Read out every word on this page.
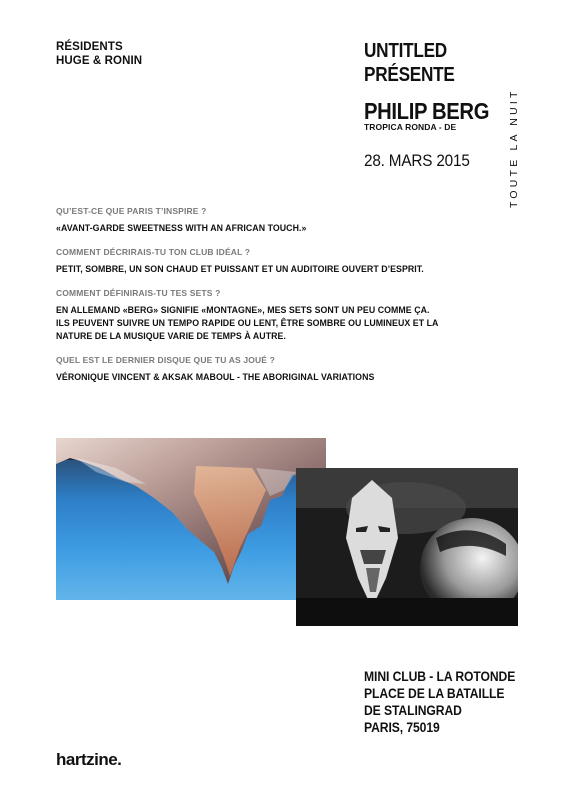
RÉSIDENTS
HUGE & RONIN	UNTITLED
PRÉSENTE
PHILIP BERG
TROPICA RONDA - DE
28. MARS 2015	TOUTE LA NUIT
QU’EST-CE QUE PARIS T’INSPIRE ?
«AVANT-GARDE SWEETNESS WITH AN AFRICAN TOUCH.»
COMMENT DÉCRIRAIS-TU TON CLUB IDÉAL ?
PETIT, SOMBRE, UN SON CHAUD ET PUISSANT ET UN AUDITOIRE OUVERT D’ESPRIT.
COMMENT DÉFINIRAIS-TU TES SETS ?
EN ALLEMAND «BERG» SIGNIFIE «MONTAGNE», MES SETS SONT UN PEU COMME ÇA.
ILS PEUVENT SUIVRE UN TEMPO RAPIDE OU LENT, ÊTRE SOMBRE OU LUMINEUX ET LA
NATURE DE LA MUSIQUE VARIE DE TEMPS À AUTRE.
QUEL EST LE DERNIER DISQUE QUE TU AS JOUÉ ?
VÉRONIQUE VINCENT & AKSAK MABOUL - THE ABORIGINAL VARIATIONS
MINI CLUB - LA ROTONDE
PLACE DE LA BATAILLE
DE STALINGRAD
PARIS, 75019
hartzine.
